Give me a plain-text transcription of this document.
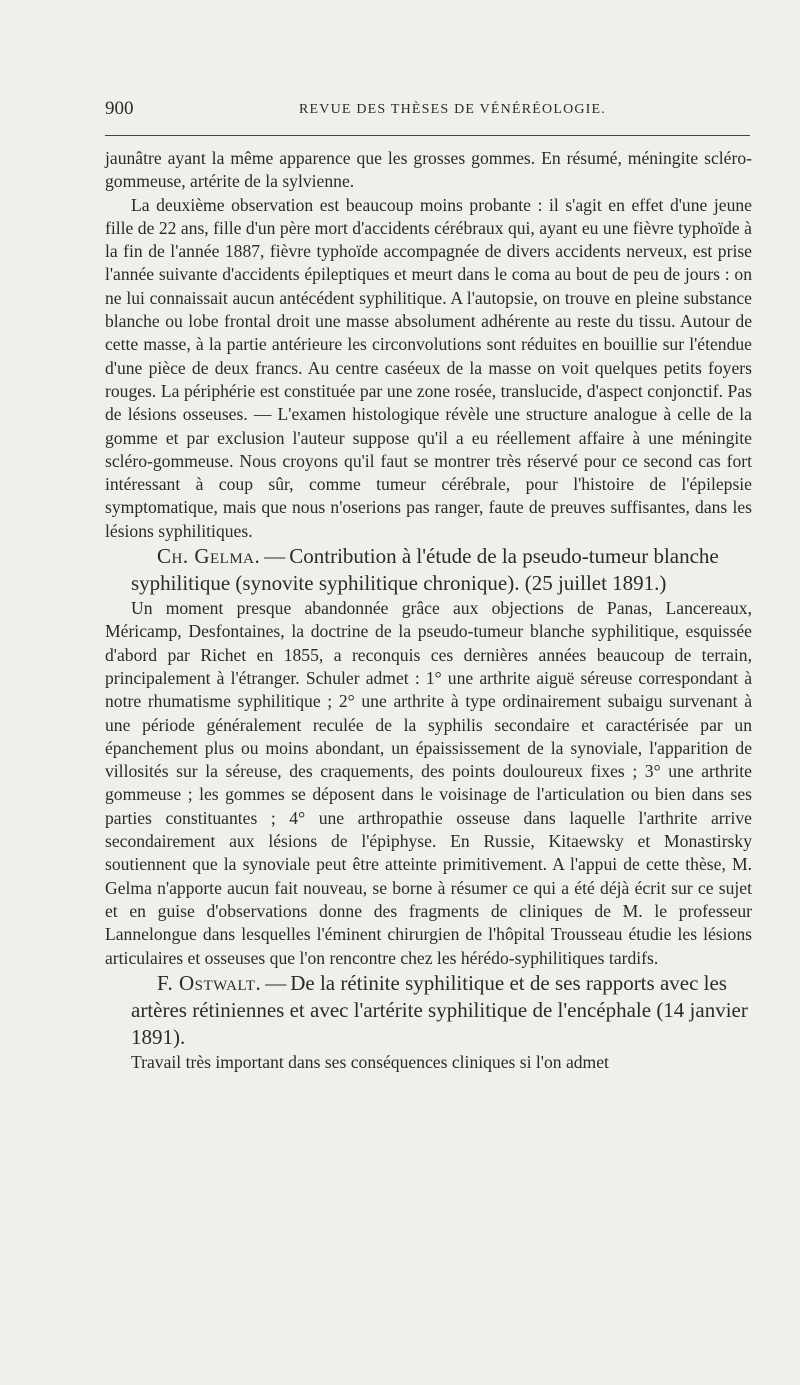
900	REVUE DES THÈSES DE VÉNÉRÉOLOGIE.

jaunâtre ayant la même apparence que les grosses gommes. En résumé, méningite scléro-gommeuse, artérite de la sylvienne.

La deuxième observation est beaucoup moins probante : il s'agit en effet d'une jeune fille de 22 ans, fille d'un père mort d'accidents cérébraux qui, ayant eu une fièvre typhoïde à la fin de l'année 1887, fièvre typhoïde accompagnée de divers accidents nerveux, est prise l'année suivante d'accidents épileptiques et meurt dans le coma au bout de peu de jours : on ne lui connaissait aucun antécédent syphilitique. A l'autopsie, on trouve en pleine substance blanche ou lobe frontal droit une masse absolument adhérente au reste du tissu. Autour de cette masse, à la partie antérieure les circonvolutions sont réduites en bouillie sur l'étendue d'une pièce de deux francs. Au centre caséeux de la masse on voit quelques petits foyers rouges. La périphérie est constituée par une zone rosée, translucide, d'aspect conjonctif. Pas de lésions osseuses. — L'examen histologique révèle une structure analogue à celle de la gomme et par exclusion l'auteur suppose qu'il a eu réellement affaire à une méningite scléro-gommeuse. Nous croyons qu'il faut se montrer très réservé pour ce second cas fort intéressant à coup sûr, comme tumeur cérébrale, pour l'histoire de l'épilepsie symptomatique, mais que nous n'oserions pas ranger, faute de preuves suffisantes, dans les lésions syphilitiques.

Ch. Gelma. — Contribution à l'étude de la pseudo-tumeur blanche syphilitique (synovite syphilitique chronique). (25 juillet 1891.)

Un moment presque abandonnée grâce aux objections de Panas, Lancereaux, Méricamp, Desfontaines, la doctrine de la pseudo-tumeur blanche syphilitique, esquissée d'abord par Richet en 1855, a reconquis ces dernières années beaucoup de terrain, principalement à l'étranger. Schuler admet : 1° une arthrite aiguë séreuse correspondant à notre rhumatisme syphilitique ; 2° une arthrite à type ordinairement subaigu survenant à une période généralement reculée de la syphilis secondaire et caractérisée par un épanchement plus ou moins abondant, un épaississement de la synoviale, l'apparition de villosités sur la séreuse, des craquements, des points douloureux fixes ; 3° une arthrite gommeuse ; les gommes se déposent dans le voisinage de l'articulation ou bien dans ses parties constituantes ; 4° une arthropathie osseuse dans laquelle l'arthrite arrive secondairement aux lésions de l'épiphyse. En Russie, Kitaewsky et Monastirsky soutiennent que la synoviale peut être atteinte primitivement. A l'appui de cette thèse, M. Gelma n'apporte aucun fait nouveau, se borne à résumer ce qui a été déjà écrit sur ce sujet et en guise d'observations donne des fragments de cliniques de M. le professeur Lannelongue dans lesquelles l'éminent chirurgien de l'hôpital Trousseau étudie les lésions articulaires et osseuses que l'on rencontre chez les hérédo-syphilitiques tardifs.

F. Ostwalt. — De la rétinite syphilitique et de ses rapports avec les artères rétiniennes et avec l'artérite syphilitique de l'encéphale (14 janvier 1891).

Travail très important dans ses conséquences cliniques si l'on admet
